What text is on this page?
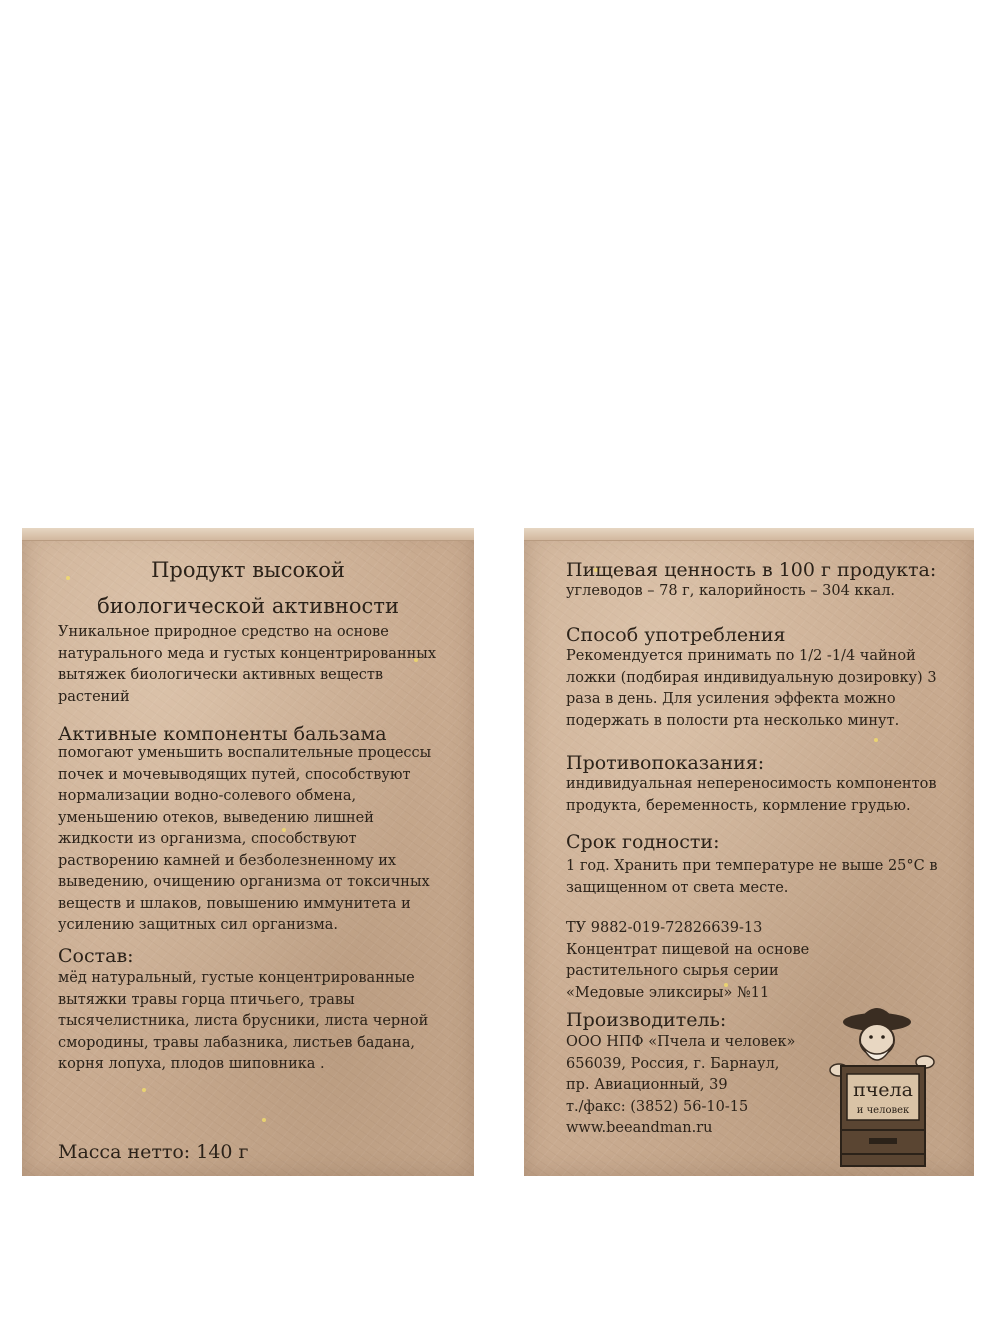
Продукт высокой

биологической активности

Уникальное природное средство на основе натурального меда и густых концентрированных вытяжек биологически активных веществ растений

Активные компоненты бальзама

помогают уменьшить воспалительные процессы почек и мочевыводящих путей, способствуют нормализации водно-солевого обмена, уменьшению отеков, выведению лишней жидкости из организма, способствуют растворению камней и безболезненному их выведению, очищению организма от токсичных веществ и шлаков, повышению иммунитета и усилению защитных сил организма.

Состав:

мёд натуральный, густые концентрированные вытяжки травы горца птичьего, травы тысячелистника, листа брусники, листа черной смородины, травы лабазника, листьев бадана, корня лопуха, плодов шиповника .

Масса нетто: 140 г

Пищевая ценность в 100 г продукта:

углеводов – 78 г, калорийность – 304 ккал.

Способ употребления

Рекомендуется принимать по 1/2 -1/4 чайной ложки (подбирая индивидуальную дозировку) 3 раза в день. Для усиления эффекта можно подержать в полости рта несколько минут.

Противопоказания:

индивидуальная непереносимость компонентов продукта, беременность, кормление грудью.

Срок годности:

1 год. Хранить при температуре не выше 25°С в защищенном от света месте.

ТУ 9882-019-72826639-13

Концентрат пищевой на основе

растительного сырья серии

«Медовые эликсиры» №11

Производитель:

ООО НПФ «Пчела и человек»

656039, Россия, г. Барнаул,

пр. Авиационный, 39

т./факс: (3852) 56-10-15

www.beeandman.ru

пчела
и человек
